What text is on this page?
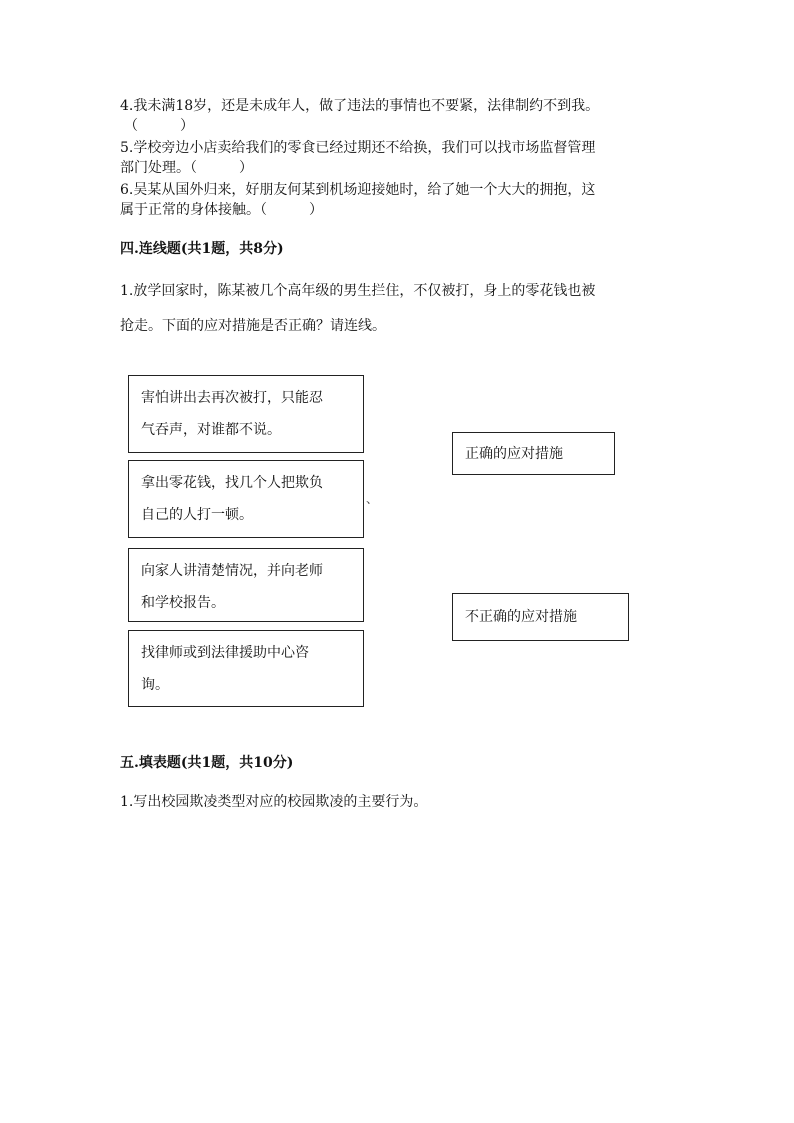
4.我未满18岁，还是未成年人，做了违法的事情也不要紧，法律制约不到我。

（　　　）

5.学校旁边小店卖给我们的零食已经过期还不给换，我们可以找市场监督管理

部门处理。（　　　）

6.吴某从国外归来，好朋友何某到机场迎接她时，给了她一个大大的拥抱，这

属于正常的身体接触。（　　　）

四.连线题(共1题，共8分)

1.放学回家时，陈某被几个高年级的男生拦住，不仅被打，身上的零花钱也被

抢走。下面的应对措施是否正确？请连线。

害怕讲出去再次被打，只能忍
气吞声，对谁都不说。
拿出零花钱，找几个人把欺负
自己的人打一顿。
向家人讲清楚情况，并向老师
和学校报告。
找律师或到法律援助中心咨
询。
、
正确的应对措施
不正确的应对措施

五.填表题(共1题，共10分)

1.写出校园欺凌类型对应的校园欺凌的主要行为。
